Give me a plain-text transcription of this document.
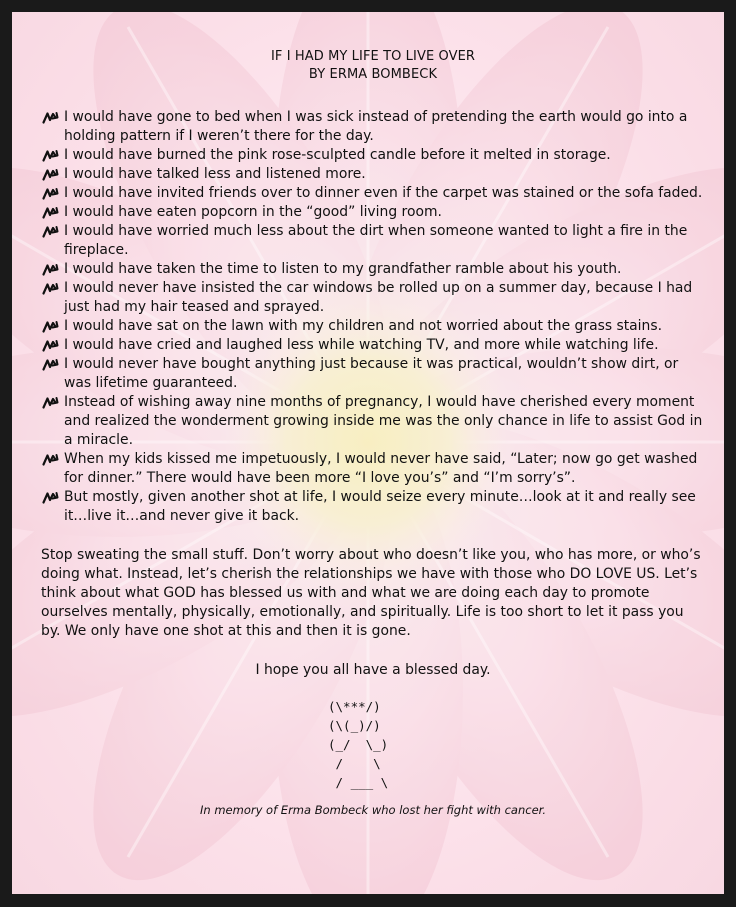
IF I HAD MY LIFE TO LIVE OVER
BY ERMA BOMBECK
I would have gone to bed when I was sick instead of pretending the earth would go into a holding pattern if I weren’t there for the day.
I would have burned the pink rose-sculpted candle before it melted in storage.
I would have talked less and listened more.
I would have invited friends over to dinner even if the carpet was stained or the sofa faded.
I would have eaten popcorn in the “good” living room.
I would have worried much less about the dirt when someone wanted to light a fire in the fireplace.
I would have taken the time to listen to my grandfather ramble about his youth.
I would never have insisted the car windows be rolled up on a summer day, because I had just had my hair teased and sprayed.
I would have sat on the lawn with my children and not worried about the grass stains.
I would have cried and laughed less while watching TV, and more while watching life.
I would never have bought anything just because it was practical, wouldn’t show dirt, or was lifetime guaranteed.
Instead of wishing away nine months of pregnancy, I would have cherished every moment and realized the wonderment growing inside me was the only chance in life to assist God in a miracle.
When my kids kissed me impetuously, I would never have said, “Later; now go get washed for dinner.” There would have been more “I love you’s” and “I’m sorry’s”.
But mostly, given another shot at life, I would seize every minute…look at it and really see it…live it…and never give it back.

Stop sweating the small stuff. Don’t worry about who doesn’t like you, who has more, or who’s doing what. Instead, let’s cherish the relationships we have with those who DO LOVE US. Let’s think about what GOD has blessed us with and what we are doing each day to promote ourselves mentally, physically, emotionally, and spiritually. Life is too short to let it pass you by. We only have one shot at this and then it is gone.

I hope you all have a blessed day.

(\***/)
(\(_)/)
(_/  \_)
/    \
/ ___ \

In memory of Erma Bombeck who lost her fight with cancer.
